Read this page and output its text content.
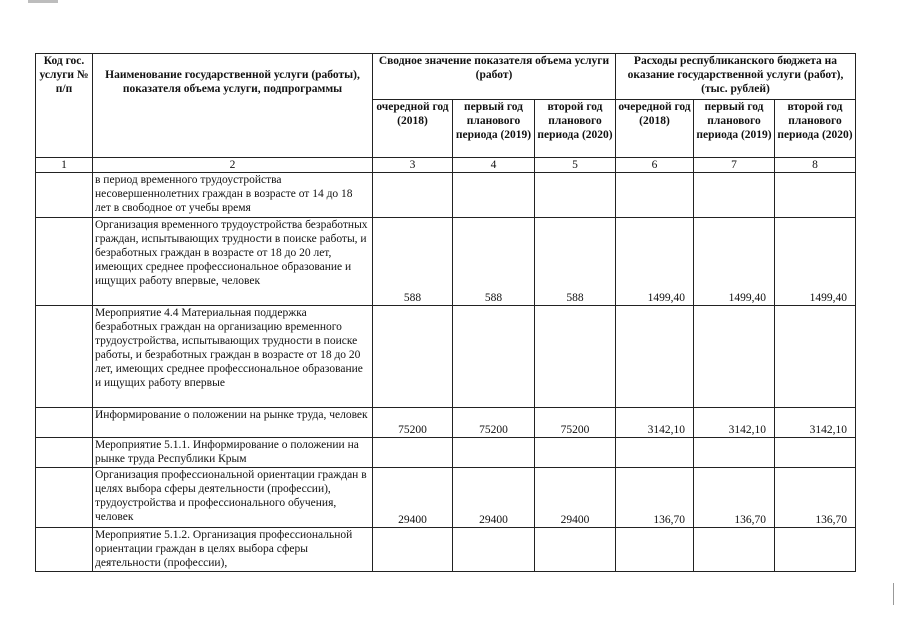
Код гос. услуги № п/п	Наименование государственной услуги (работы), показателя объема услуги, подпрограммы	Сводное значение показателя объема услуги (работ)			Расходы республиканского бюджета на оказание государственной услуги (работ), (тыс. рублей)		
		очередной год (2018)	первый год планового периода (2019)	второй год планового периода (2020)	очередной год (2018)	первый год планового периода (2019)	второй год планового периода (2020)
1	2	3	4	5	6	7	8
	в период временного трудоустройства несовершеннолетних граждан в возрасте от 14 до 18 лет в свободное от учебы время						
	Организация временного трудоустройства безработных граждан, испытывающих трудности в поиске работы, и безработных граждан в возрасте от 18 до 20 лет, имеющих среднее профессиональное образование и ищущих работу впервые, человек	588	588	588	1499,40	1499,40	1499,40
	Мероприятие 4.4 Материальная поддержка безработных граждан на организацию временного трудоустройства, испытывающих трудности в поиске работы, и безработных граждан в возрасте от 18 до 20 лет, имеющих среднее профессиональное образование и ищущих работу впервые						
	Информирование о положении на рынке труда, человек	75200	75200	75200	3142,10	3142,10	3142,10
	Мероприятие 5.1.1. Информирование о положении на рынке труда Республики Крым						
	Организация профессиональной ориентации граждан в целях выбора сферы деятельности (профессии), трудоустройства и профессионального обучения, человек	29400	29400	29400	136,70	136,70	136,70
	Мероприятие 5.1.2. Организация профессиональной ориентации граждан в целях выбора сферы деятельности (профессии),						
